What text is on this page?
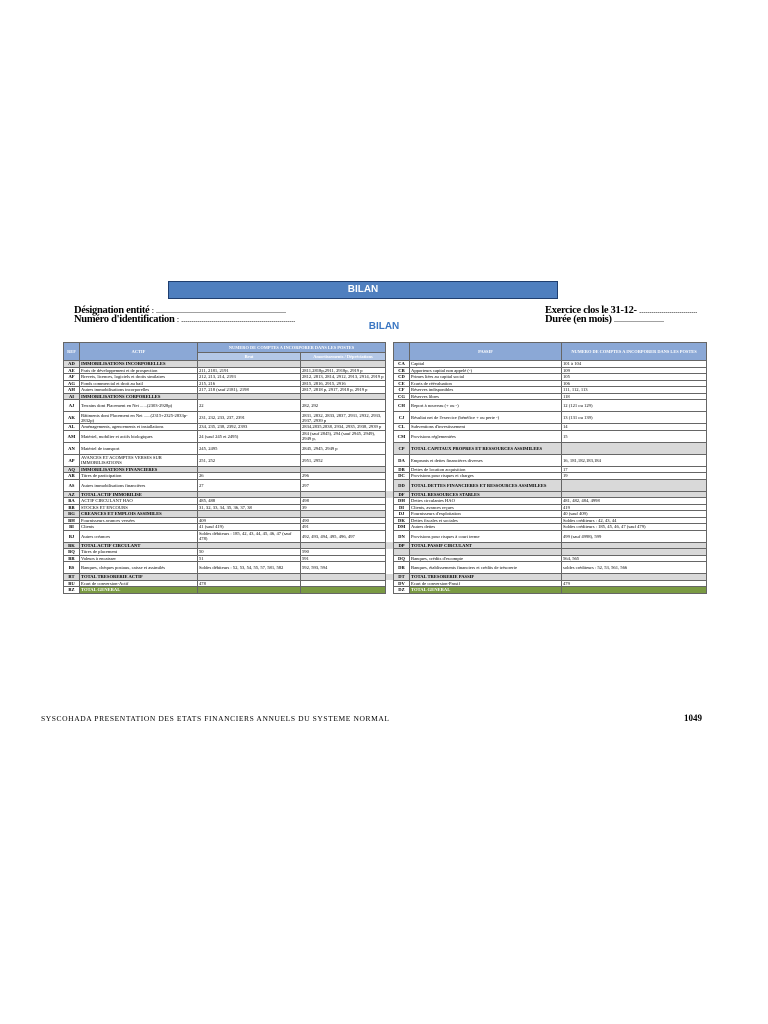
BILAN
Désignation entité : .................................................................
Numéro d'identification : .........................................................
Exercice clos le 31-12- .............................
Durée (en mois) .........................
BILAN
REF	ACTIF	NUMERO DE COMPTES A INCORPORER DANS LES POSTES				PASSIF	NUMERO DE COMPTES A INCORPORER DANS LES POSTES
		Brut	Amortissements / Dépréciations				
AD	IMMOBILISATIONS INCORPORELLES				CA	Capital	101 à 104
AE	Frais de développement et de prospection	211, 2181, 2191	2811,2818p,2911, 2918p, 2919 p		CB	Apporteurs capital non appelé (-)	109
AF	Brevets, licences, logiciels et droits similaires	212, 213, 214, 2193	2812, 2813, 2814, 2912, 2913, 2914, 2919 p		CD	Primes liées au capital social	105
AG	Fonds commercial et droit au bail	215, 216	2815, 2816, 2915, 2916		CE	Ecarts de réévaluation	106
AH	Autres immobilisations incorporelles	217, 218 (sauf 2181), 2198	2817, 2818 p, 2917, 2918 p, 2919 p		CF	Réserves indisponibles	111, 112, 113
AI	IMMOBILISATIONS CORPORELLES				CG	Réserves libres	118
AJ	Terrains dont Placement en Net ......(2303-2928p)	22	282, 292		CH	Report à nouveau (+ ou -)	12 (121 ou 129)
AK	Bâtiments dont Placement en Net ......(2315+2325-2833p-2832p)	231, 232, 233, 237, 2391	2831, 2832, 2833, 2837, 2931, 2932, 2933, 2937, 2939 p		CJ	Résultat net de l'exercice (bénéfice + ou perte -)	13 (131 ou 139)
AL	Aménagements, agencements et installations	234, 235, 238, 2392, 2393	2834,2835,2838, 2934, 2935, 2938, 2939 p		CL	Subventions d'investissement	14
AM	Matériel, mobilier et actifs biologiques	24 (sauf 245 et 2495)	284 (sauf 2845), 294 (sauf 2945, 2949), 2949 p,		CM	Provisions réglementées	15
AN	Matériel de transport	245, 2495	2845, 2945, 2949 p		CP	TOTAL CAPITAUX PROPRES ET RESSOURCES ASSIMILEES	
AP	AVANCES ET ACOMPTES VERSES SUR IMMOBILISATIONS	251, 252	2951, 2952		DA	Emprunts et dettes financières diverses	16, 181,182,183,184
AQ	IMMOBILISATIONS FINANCIERES				DB	Dettes de location acquisition	17
AR	Titres de participation	26	296		DC	Provisions pour risques et charges	19
AS	Autres immobilisations financières	27	297		DD	TOTAL DETTES FINANCIERES ET RESSOURCES ASSIMILEES	
AZ	TOTAL ACTIF IMMOBILISE				DF	TOTAL RESSOURCES STABLES	
BA	ACTIF CIRCULANT HAO	485, 488	498		DH	Dettes circulantes HAO	481, 482, 484, 4998
BB	STOCKS ET ENCOURS	31, 32, 33, 34, 35, 36, 37, 38	39		DI	Clients, avances reçues	419
BG	CREANCES ET EMPLOIS ASSIMILES				DJ	Fournisseurs d'exploitation	40 (sauf 409)
BH	Fournisseurs avances versées	409	490		DK	Dettes fiscales et sociales	Soldes créditeurs : 42, 43, 44
BI	Clients	41 (sauf 419)	491		DM	Autres dettes	Soldes créditeurs : 185, 45, 46, 47 (sauf 479)
BJ	Autres créances	Soldes débiteurs : 185, 42, 43, 44, 45, 46, 47 (sauf 478)	492, 493, 494, 495, 496, 497		DN	Provisions pour risques à court terme	499 (sauf 4998), 599
BK	TOTAL ACTIF CIRCULANT				DP	TOTAL PASSIF CIRCULANT	
BQ	Titres de placement	50	590				
BR	Valeurs à encaisser	51	591		DQ	Banques, crédits d'escompte	564, 565
BS	Banques, chèques postaux, caisse et assimilés	Soldes débiteurs : 52, 53, 54, 55, 57, 581, 582	592, 593, 594		DR	Banques, établissements financiers et crédits de trésorerie	soldes créditeurs : 52, 53, 561, 566
BT	TOTAL TRESORERIE ACTIF				DT	TOTAL TRESORERIE PASSIF	
BU	Ecart de conversion-Actif	478			DV	Ecart de conversion-Passif	479
BZ	TOTAL GENERAL				DZ	TOTAL GENERAL	
SYSCOHADA PRESENTATION DES ETATS FINANCIERS ANNUELS DU SYSTEME NORMAL	1049
